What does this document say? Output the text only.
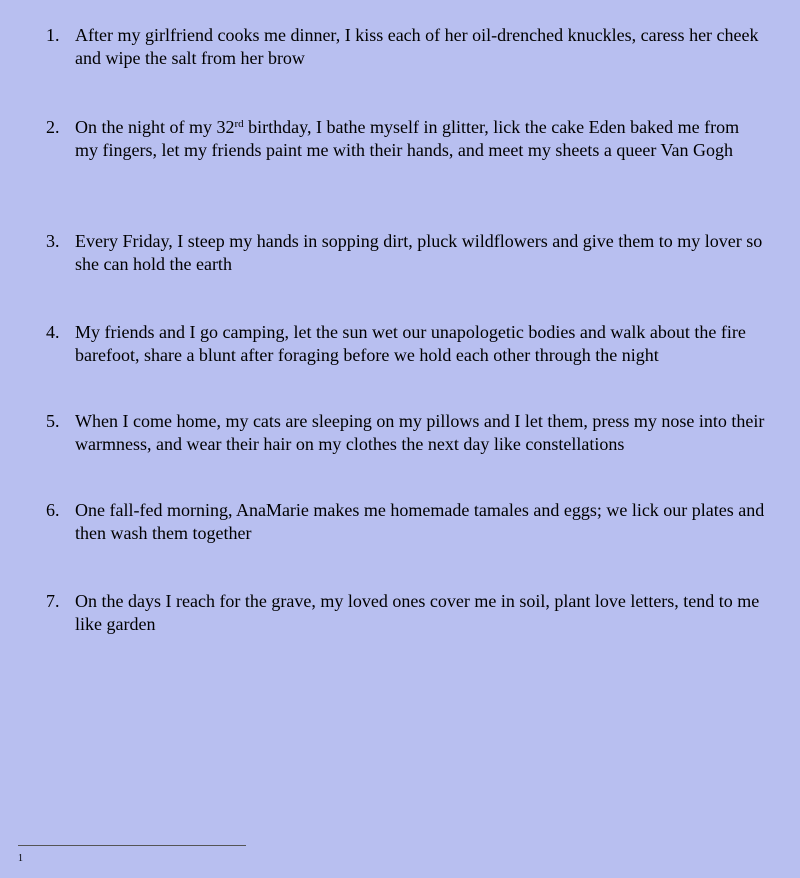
1. After my girlfriend cooks me dinner, I kiss each of her oil-drenched knuckles, caress her cheek and wipe the salt from her brow
2. On the night of my 32rd birthday, I bathe myself in glitter, lick the cake Eden baked me from my fingers, let my friends paint me with their hands, and meet my sheets a queer Van Gogh
3. Every Friday, I steep my hands in sopping dirt, pluck wildflowers and give them to my lover so she can hold the earth
4. My friends and I go camping, let the sun wet our unapologetic bodies and walk about the fire barefoot, share a blunt after foraging before we hold each other through the night
5. When I come home, my cats are sleeping on my pillows and I let them, press my nose into their warmness, and wear their hair on my clothes the next day like constellations
6. One fall-fed morning, AnaMarie makes me homemade tamales and eggs; we lick our plates and then wash them together
7. On the days I reach for the grave, my loved ones cover me in soil, plant love letters, tend to me like garden
1
